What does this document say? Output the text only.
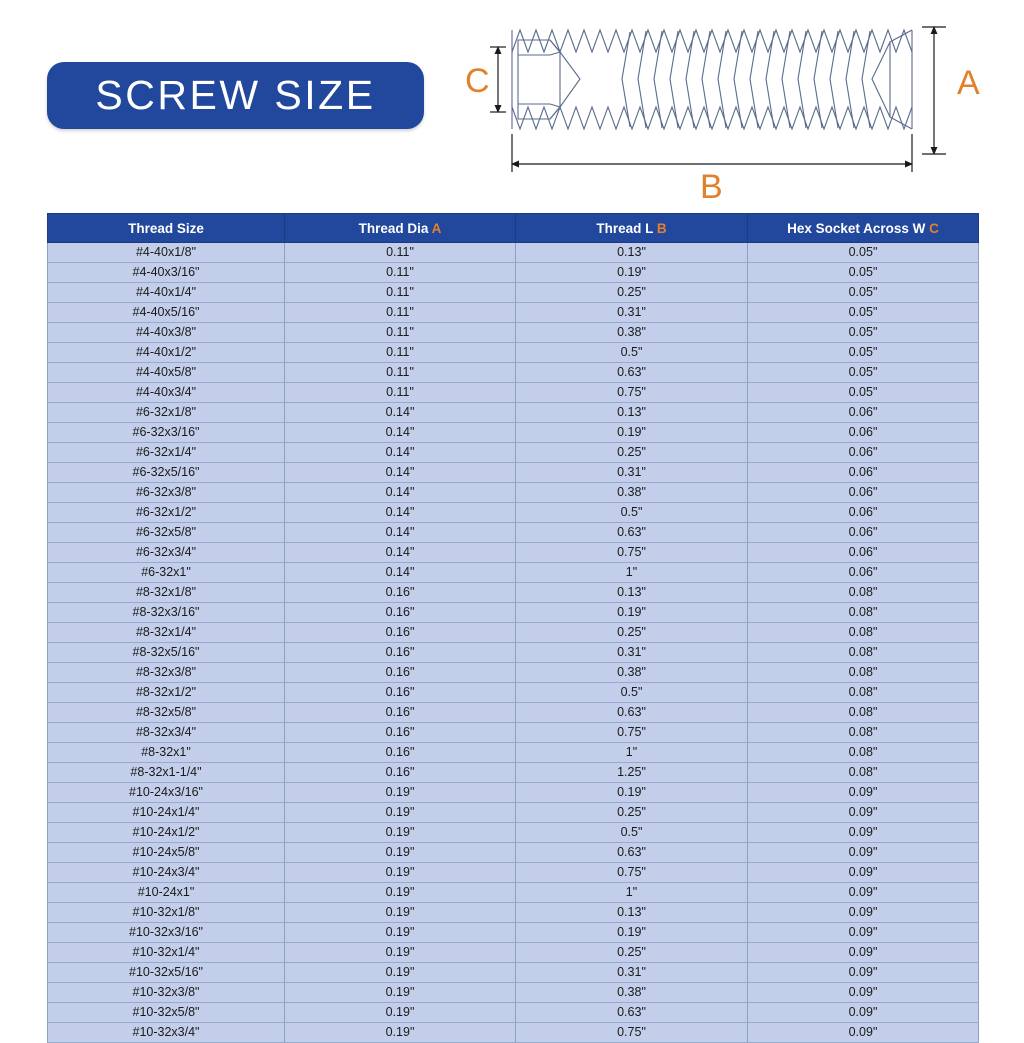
SCREW SIZE	C	A
B
Thread Size	Thread Dia A	Thread L B	Hex Socket Across W C
#4-40x1/8"	0.11"	0.13"	0.05"
#4-40x3/16"	0.11"	0.19"	0.05"
#4-40x1/4"	0.11"	0.25"	0.05"
#4-40x5/16"	0.11"	0.31"	0.05"
#4-40x3/8"	0.11"	0.38"	0.05"
#4-40x1/2"	0.11"	0.5"	0.05"
#4-40x5/8"	0.11"	0.63"	0.05"
#4-40x3/4"	0.11"	0.75"	0.05"
#6-32x1/8"	0.14"	0.13"	0.06"
#6-32x3/16"	0.14"	0.19"	0.06"
#6-32x1/4"	0.14"	0.25"	0.06"
#6-32x5/16"	0.14"	0.31"	0.06"
#6-32x3/8"	0.14"	0.38"	0.06"
#6-32x1/2"	0.14"	0.5"	0.06"
#6-32x5/8"	0.14"	0.63"	0.06"
#6-32x3/4"	0.14"	0.75"	0.06"
#6-32x1"	0.14"	1"	0.06"
#8-32x1/8"	0.16"	0.13"	0.08"
#8-32x3/16"	0.16"	0.19"	0.08"
#8-32x1/4"	0.16"	0.25"	0.08"
#8-32x5/16"	0.16"	0.31"	0.08"
#8-32x3/8"	0.16"	0.38"	0.08"
#8-32x1/2"	0.16"	0.5"	0.08"
#8-32x5/8"	0.16"	0.63"	0.08"
#8-32x3/4"	0.16"	0.75"	0.08"
#8-32x1"	0.16"	1"	0.08"
#8-32x1-1/4"	0.16"	1.25"	0.08"
#10-24x3/16"	0.19"	0.19"	0.09"
#10-24x1/4"	0.19"	0.25"	0.09"
#10-24x1/2"	0.19"	0.5"	0.09"
#10-24x5/8"	0.19"	0.63"	0.09"
#10-24x3/4"	0.19"	0.75"	0.09"
#10-24x1"	0.19"	1"	0.09"
#10-32x1/8"	0.19"	0.13"	0.09"
#10-32x3/16"	0.19"	0.19"	0.09"
#10-32x1/4"	0.19"	0.25"	0.09"
#10-32x5/16"	0.19"	0.31"	0.09"
#10-32x3/8"	0.19"	0.38"	0.09"
#10-32x5/8"	0.19"	0.63"	0.09"
#10-32x3/4"	0.19"	0.75"	0.09"
